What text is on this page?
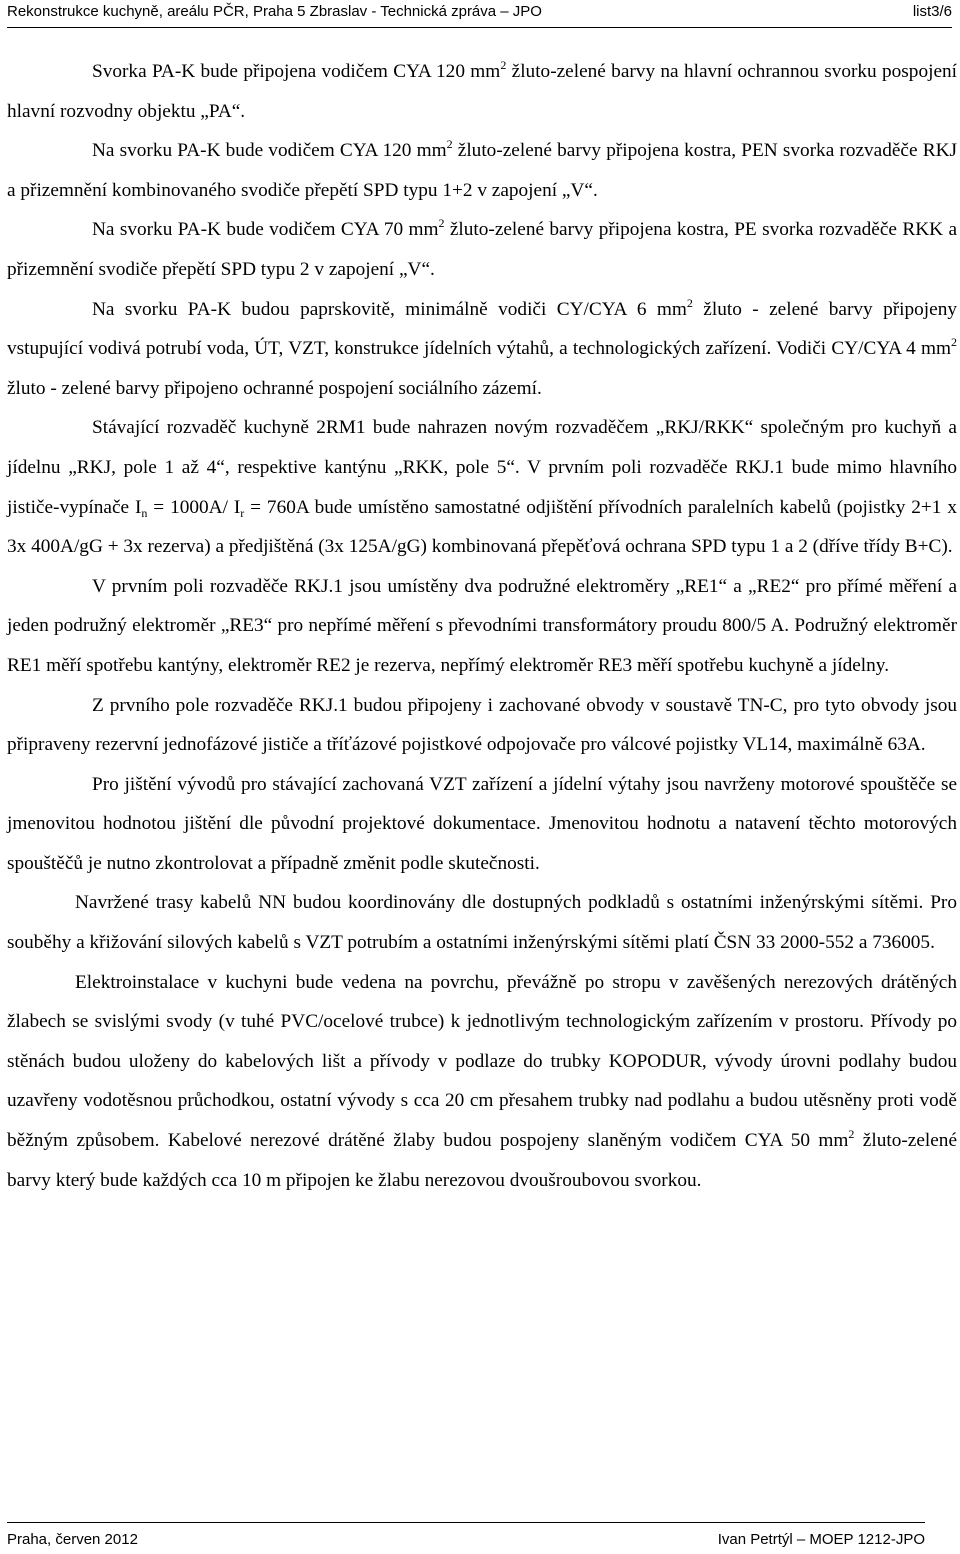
Rekonstrukce kuchyně, areálu PČR, Praha 5 Zbraslav - Technická zpráva – JPO	list3/6

Svorka PA-K bude připojena vodičem CYA 120 $mm^2$ žluto-zelené barvy na hlavní ochrannou svorku pospojení hlavní rozvodny objektu „PA“.

Na svorku PA-K bude vodičem CYA 120 $mm^2$ žluto-zelené barvy připojena kostra, PEN svorka rozvaděče RKJ a přizemnění kombinovaného svodiče přepětí SPD typu 1+2 v zapojení „V“.

Na svorku PA-K bude vodičem CYA 70 $mm^2$ žluto-zelené barvy připojena kostra, PE svorka rozvaděče RKK a přizemnění svodiče přepětí SPD typu 2 v zapojení „V“.

Na svorku PA-K budou paprskovitě, minimálně vodiči CY/CYA 6 $mm^2$ žluto - zelené barvy připojeny vstupující vodivá potrubí voda, ÚT, VZT, konstrukce jídelních výtahů, a technologických zařízení. Vodiči CY/CYA 4 $mm^2$ žluto - zelené barvy připojeno ochranné pospojení sociálního zázemí.

Stávající rozvaděč kuchyně 2RM1 bude nahrazen novým rozvaděčem „RKJ/RKK“ společným pro kuchyň a jídelnu „RKJ, pole 1 až 4“, respektive kantýnu „RKK, pole 5“. V prvním poli rozvaděče RKJ.1 bude mimo hlavního jističe-vypínače $I_n = 1000A/$ $I_r = 760A$ bude umístěno samostatné odjištění přívodních paralelních kabelů (pojistky 2+1 x 3x 400A/gG + 3x rezerva) a předjištěná (3x 125A/gG) kombinovaná přepěťová ochrana SPD typu 1 a 2 (dříve třídy B+C).

V prvním poli rozvaděče RKJ.1 jsou umístěny dva podružné elektroměry „RE1“ a „RE2“ pro přímé měření a jeden podružný elektroměr „RE3“ pro nepřímé měření s převodními transformátory proudu 800/5 A. Podružný elektroměr RE1 měří spotřebu kantýny, elektroměr RE2 je rezerva, nepřímý elektroměr RE3 měří spotřebu kuchyně a jídelny.

Z prvního pole rozvaděče RKJ.1 budou připojeny i zachované obvody v soustavě TN-C, pro tyto obvody jsou připraveny rezervní jednofázové jističe a tříťázové pojistkové odpojovače pro válcové pojistky VL14, maximálně 63A.

Pro jištění vývodů pro stávající zachovaná VZT zařízení a jídelní výtahy jsou navrženy motorové spouštěče se jmenovitou hodnotou jištění dle původní projektové dokumentace. Jmenovitou hodnotu a natavení těchto motorových spouštěčů je nutno zkontrolovat a případně změnit podle skutečnosti.

Navržené trasy kabelů NN budou koordinovány dle dostupných podkladů s ostatními inženýrskými sítěmi. Pro souběhy a křižování silových kabelů s VZT potrubím a ostatními inženýrskými sítěmi platí ČSN 33 2000-552 a 736005.

Elektroinstalace v kuchyni bude vedena na povrchu, převážně po stropu v zavěšených nerezových drátěných žlabech se svislými svody (v tuhé PVC/ocelové trubce) k jednotlivým technologickým zařízením v prostoru. Přívody po stěnách budou uloženy do kabelových lišt a přívody v podlaze do trubky KOPODUR, vývody úrovni podlahy budou uzavřeny vodotěsnou průchodkou, ostatní vývody s cca 20 cm přesahem trubky nad podlahu a budou utěsněny proti vodě běžným způsobem. Kabelové nerezové drátěné žlaby budou pospojeny slaněným vodičem CYA 50 $mm^2$ žluto-zelené barvy který bude každých cca 10 m připojen ke žlabu nerezovou dvoušroubovou svorkou.

Praha, červen 2012	Ivan Petrtýl – MOEP 1212-JPO
